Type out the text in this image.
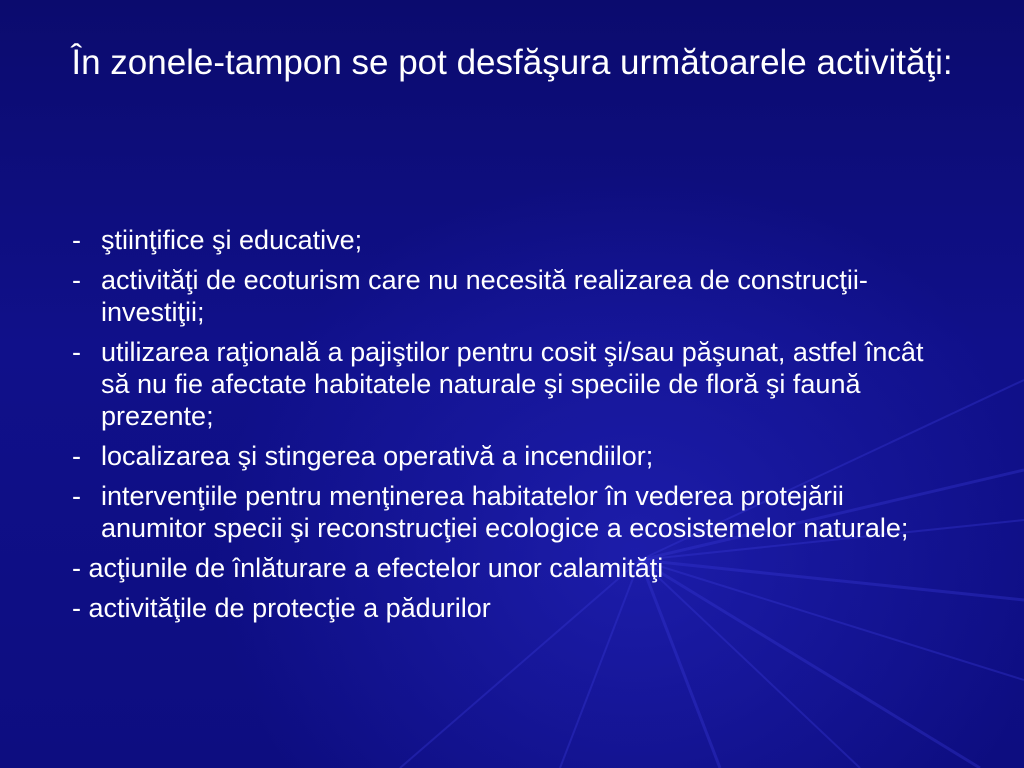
În zonele-tampon se pot desfăşura următoarele activităţi:
- ştiinţifice şi educative;
- activităţi de ecoturism care nu necesită realizarea de construcţii-investiţii;
- utilizarea raţională a pajiştilor pentru cosit şi/sau păşunat, astfel încât să nu fie afectate habitatele naturale şi speciile de floră şi faună prezente;
- localizarea şi stingerea operativă a incendiilor;
- intervenţiile pentru menţinerea habitatelor în vederea protejării anumitor specii şi reconstrucţiei ecologice a ecosistemelor naturale;
- acţiunile de înlăturare a efectelor unor calamităţi
- activităţile de protecţie a pădurilor
